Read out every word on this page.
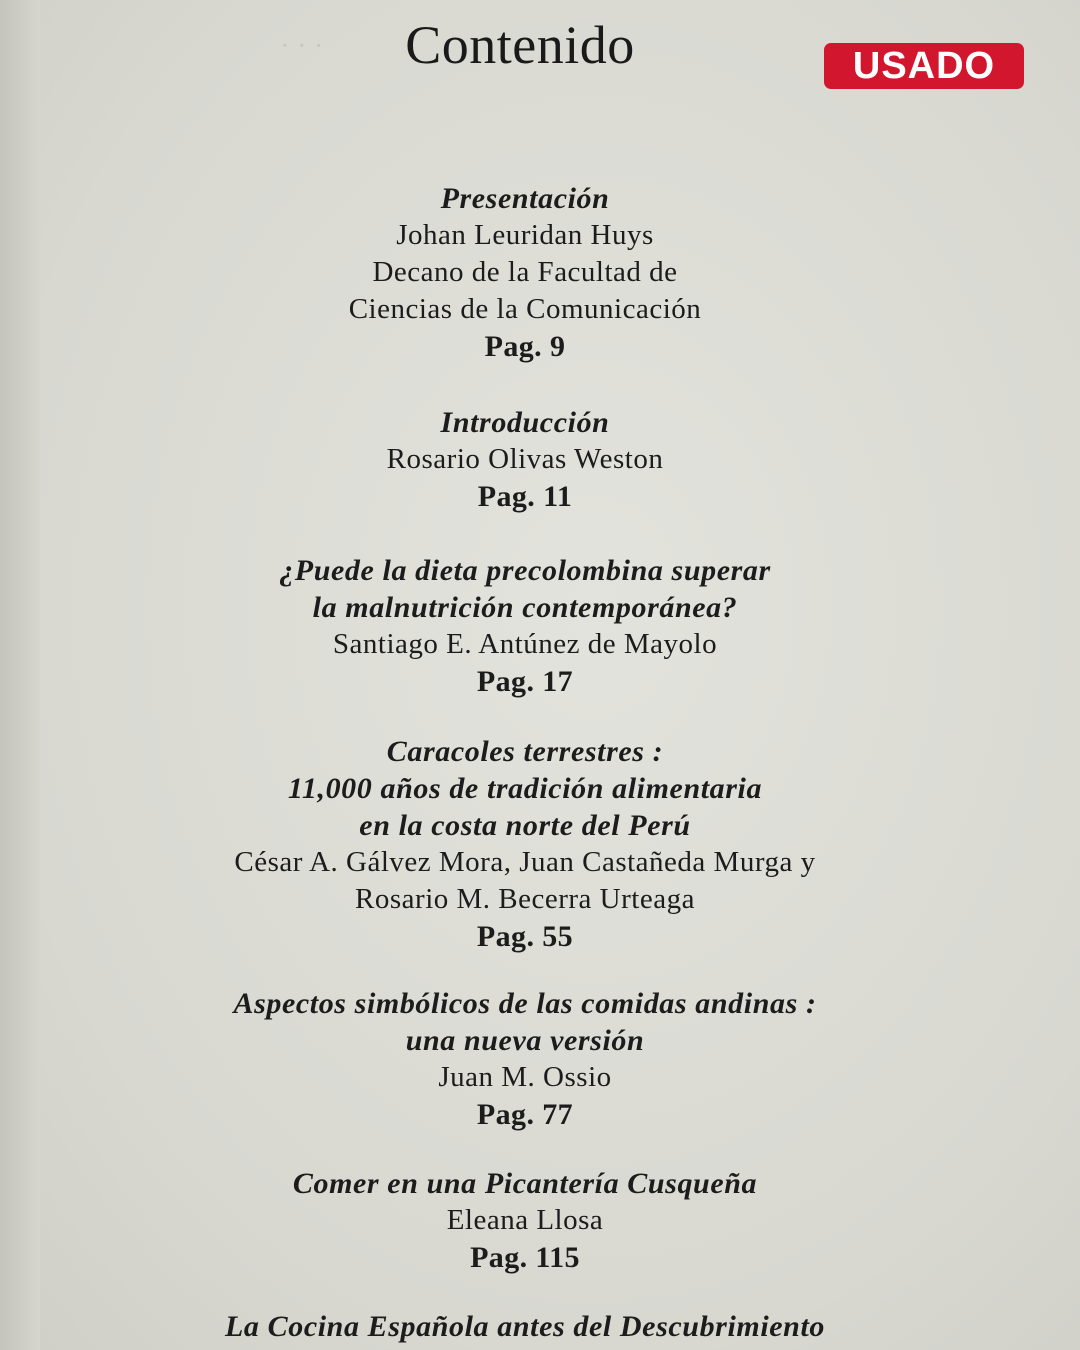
· · ·	Contenido	USADO
Presentación
Johan Leuridan Huys
Decano de la Facultad de
Ciencias de la Comunicación
Pag. 9
Introducción
Rosario Olivas Weston
Pag. 11
¿Puede la dieta precolombina superar
la malnutrición contemporánea?
Santiago E. Antúnez de Mayolo
Pag. 17
Caracoles terrestres :
11,000 años de tradición alimentaria
en la costa norte del Perú
César A. Gálvez Mora, Juan Castañeda Murga y
Rosario M. Becerra Urteaga
Pag. 55
Aspectos simbólicos de las comidas andinas :
una nueva versión
Juan M. Ossio
Pag. 77
Comer en una Picantería Cusqueña
Eleana Llosa
Pag. 115
La Cocina Española antes del Descubrimiento
